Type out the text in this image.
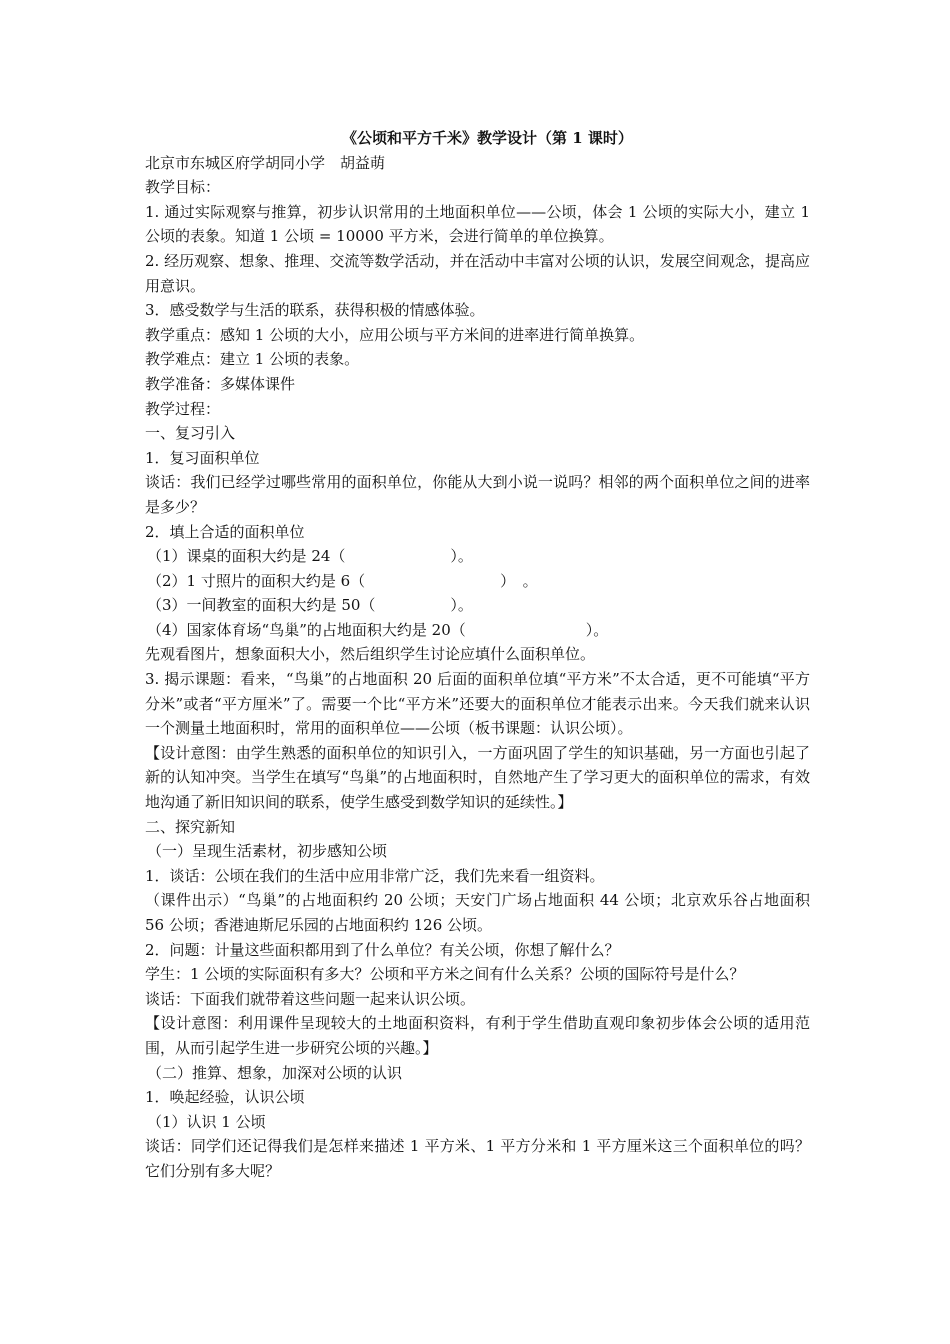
《公顷和平方千米》教学设计（第 1 课时）

北京市东城区府学胡同小学　胡益萌

教学目标：

1. 通过实际观察与推算，初步认识常用的土地面积单位——公顷，体会 1 公顷的实际大小，建立 1 公顷的表象。知道 1 公顷 = 10000 平方米，会进行简单的单位换算。

2. 经历观察、想象、推理、交流等数学活动，并在活动中丰富对公顷的认识，发展空间观念，提高应用意识。

3．感受数学与生活的联系，获得积极的情感体验。

教学重点：感知 1 公顷的大小，应用公顷与平方米间的进率进行简单换算。

教学难点：建立 1 公顷的表象。

教学准备：多媒体课件

教学过程：

一、复习引入

1．复习面积单位

谈话：我们已经学过哪些常用的面积单位，你能从大到小说一说吗？相邻的两个面积单位之间的进率是多少？

2．填上合适的面积单位

（1）课桌的面积大约是 24（　　　　　　　）。

（2）1 寸照片的面积大约是 6（　　　　　　　　　）　。

（3）一间教室的面积大约是 50（　　　　　）。

（4）国家体育场“鸟巢”的占地面积大约是 20（　　　　　　　　）。

先观看图片，想象面积大小，然后组织学生讨论应填什么面积单位。

3. 揭示课题：看来，“鸟巢”的占地面积 20 后面的面积单位填“平方米”不太合适，更不可能填“平方分米”或者“平方厘米”了。需要一个比“平方米”还要大的面积单位才能表示出来。今天我们就来认识一个测量土地面积时，常用的面积单位——公顷（板书课题：认识公顷）。

【设计意图：由学生熟悉的面积单位的知识引入，一方面巩固了学生的知识基础，另一方面也引起了新的认知冲突。当学生在填写“鸟巢”的占地面积时，自然地产生了学习更大的面积单位的需求，有效地沟通了新旧知识间的联系，使学生感受到数学知识的延续性。】

二、探究新知

（一）呈现生活素材，初步感知公顷

1．谈话：公顷在我们的生活中应用非常广泛，我们先来看一组资料。

（课件出示）“鸟巢”的占地面积约 20 公顷；天安门广场占地面积 44 公顷；北京欢乐谷占地面积 56 公顷；香港迪斯尼乐园的占地面积约 126 公顷。

2．问题：计量这些面积都用到了什么单位？有关公顷，你想了解什么？

学生：1 公顷的实际面积有多大？公顷和平方米之间有什么关系？公顷的国际符号是什么？

谈话：下面我们就带着这些问题一起来认识公顷。

【设计意图：利用课件呈现较大的土地面积资料，有利于学生借助直观印象初步体会公顷的适用范围，从而引起学生进一步研究公顷的兴趣。】

（二）推算、想象，加深对公顷的认识

1．唤起经验，认识公顷

（1）认识 1 公顷

谈话：同学们还记得我们是怎样来描述 1 平方米、1 平方分米和 1 平方厘米这三个面积单位的吗？它们分别有多大呢？
